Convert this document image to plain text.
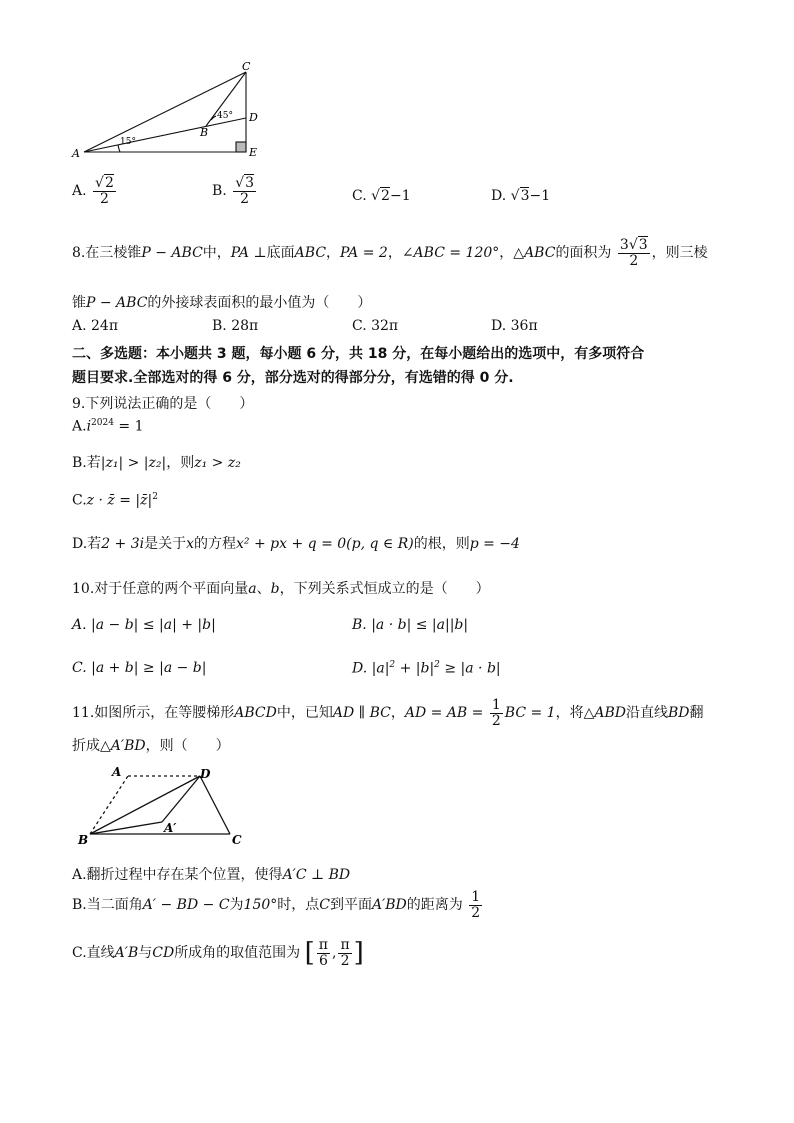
A
C
D
E
B
15°
45°
A. $\frac{√2}{2}$	B. $\frac{√3}{2}$	C. √2−1	D. √3−1
8.在三棱锥P − ABC中，PA ⊥底面ABC，PA = 2，∠ABC = 120°，△ABC的面积为 $\frac{3√3}{2}$ ，则三棱
锥P − ABC的外接球表面积的最小值为（　　）
A. 24π	B. 28π	C. 32π	D. 36π
二、多选题：本小题共 3 题，每小题 6 分，共 18 分，在每小题给出的选项中，有多项符合
题目要求.全部选对的得 6 分，部分选对的得部分分，有选错的得 0 分.
9.下列说法正确的是（　　）
$A.i^{2024} = 1$
B.若|z₁| > |z₂|，则z₁ > z₂
C.z · z̄ = $|z̄|^2$
D.若2 + 3i是关于x的方程x² + px + q = 0(p, q ∈ R)的根，则p = −4
10.对于任意的两个平面向量a、b，下列关系式恒成立的是（　　）
A. |a − b| ≤ |a| + |b|	B. |a · b| ≤ |a||b|
C. |a + b| ≥ |a − b|	D. $|a|^2 + |b|^2 \ge |a \cdot b|$
11.如图所示，在等腰梯形ABCD中，已知AD ∥ BC，AD = AB = $\frac{1}{2}$ BC = 1，将△ABD沿直线BD翻
折成△A′BD，则（　　）
A	D
B	C
A′
A.翻折过程中存在某个位置，使得A′C ⊥ BD
B.当二面角A′ − BD − C为150°时，点C到平面A′BD的距离为 $\frac{1}{2}$
C.直线A′B与CD所成角的取值范围为 [ $\frac{\pi}{6}$ , $\frac{\pi}{2}$ ]
